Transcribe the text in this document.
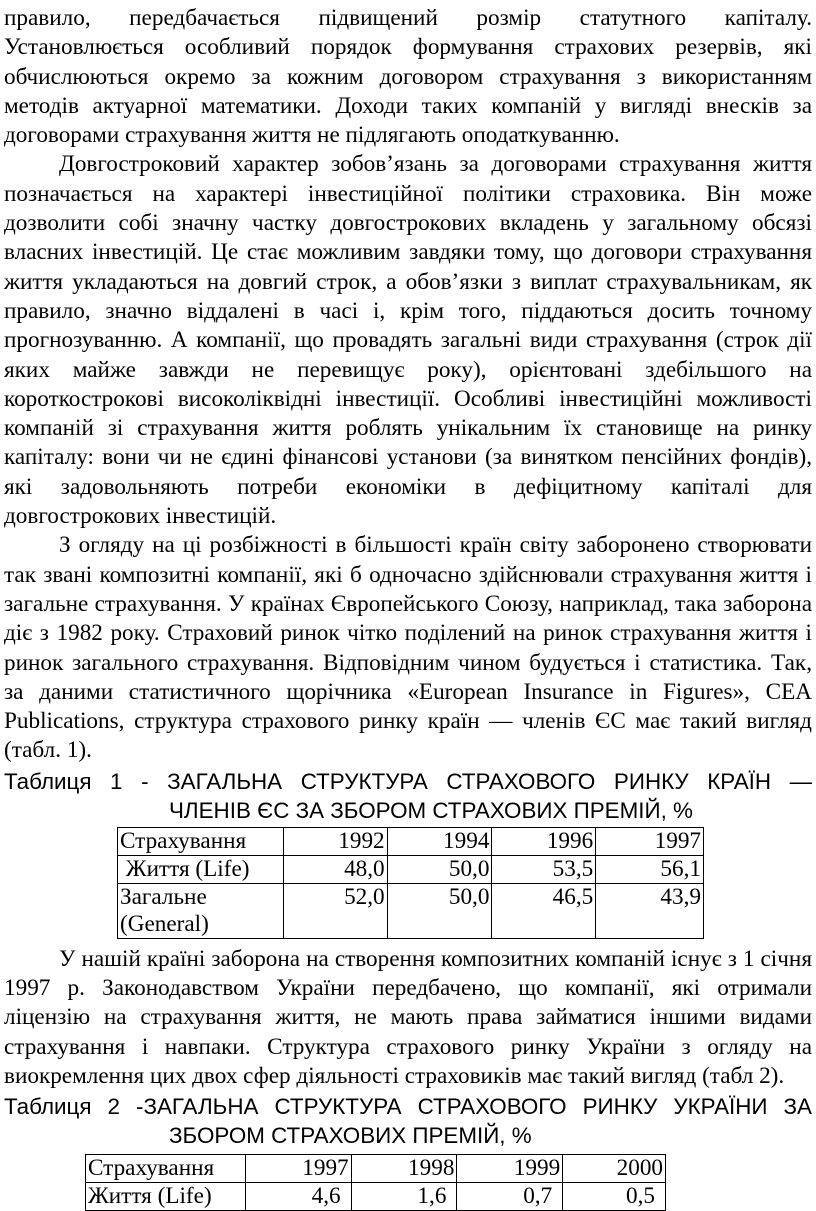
правило, передбачається підвищений розмір статутного капіталу. Установлюється особливий порядок формування страхових резервів, які обчислюються окремо за кожним договором страхування з використанням методів актуарної математики. Доходи таких компаній у вигляді внесків за договорами страхування життя не підлягають оподаткуванню.

Довгостроковий характер зобов’язань за договорами страхування життя позначається на характері інвестиційної політики страховика. Він може дозволити собі значну частку довгострокових вкладень у загальному обсязі власних інвестицій. Це стає можливим завдяки тому, що договори страхування життя укладаються на довгий строк, а обов’язки з виплат страхувальникам, як правило, значно віддалені в часі і, крім того, піддаються досить точному прогнозуванню. А компанії, що провадять загальні види страхування (строк дії яких майже завжди не перевищує року), орієнтовані здебільшого на короткострокові високоліквідні інвестиції. Особливі інвестиційні можливості компаній зі страхування життя роблять унікальним їх становище на ринку капіталу: вони чи не єдині фінансові установи (за винятком пенсійних фондів), які задовольняють потреби економіки в дефіцитному капіталі для довгострокових інвестицій.

З огляду на ці розбіжності в більшості країн світу заборонено створювати так звані композитні компанії, які б одночасно здійснювали страхування життя і загальне страхування. У країнах Європейського Союзу, наприклад, така заборона діє з 1982 року. Страховий ринок чітко поділений на ринок страхування життя і ринок загального страхування. Відповідним чином будується і статистика. Так, за даними статистичного щорічника «European Insurance in Figures», CEA Publications, структура страхового ринку країн — членів ЄС має такий вигляд (табл. 1).

Таблиця 1 - ЗАГАЛЬНА СТРУКТУРА СТРАХОВОГО РИНКУ КРАЇН —
ЧЛЕНІВ ЄС ЗА ЗБОРОМ СТРАХОВИХ ПРЕМІЙ, %
Страхування	1992	1994	1996	1997
Життя (Life)	48,0	50,0	53,5	56,1
Загальне (General)	52,0	50,0	46,5	43,9

У нашій країні заборона на створення композитних компаній існує з 1 січня 1997 р. Законодавством України передбачено, що компанії, які отримали ліцензію на страхування життя, не мають права займатися іншими видами страхування і навпаки. Структура страхового ринку України з огляду на виокремлення цих двох сфер діяльності страховиків має такий вигляд (табл 2).

Таблиця 2 -ЗАГАЛЬНА СТРУКТУРА СТРАХОВОГО РИНКУ УКРАЇНИ ЗА
ЗБОРОМ СТРАХОВИХ ПРЕМІЙ, %
Страхування	1997	1998	1999	2000
Життя (Life)	4,6	1,6	0,7	0,5
